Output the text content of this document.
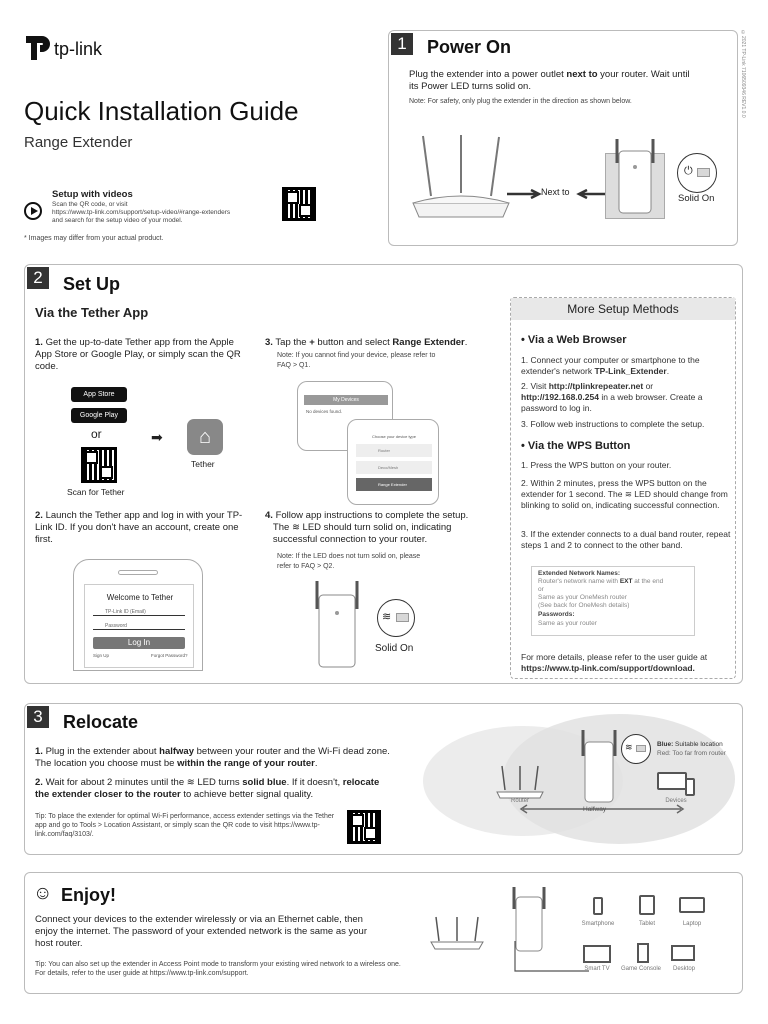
tp-link
Quick Installation Guide
Range Extender
Setup with videos
Scan the QR code, or visit
https://www.tp-link.com/support/setup-video/#range-extenders
and search for the setup video of your model.
* Images may differ from your actual product.
©2021 TP-Link 7106509346 REV1.0.0
1	Power On
Plug the extender into a power outlet next to your router. Wait until
its Power LED turns solid on.
Note: For safety, only plug the extender in the direction as shown below.
Next to
⏻
Solid On
2	Set Up
Via the Tether App
1. Get the up-to-date Tether app from the Apple App Store or Google Play, or simply scan the QR code.
App Store
Google Play
or
Scan for Tether
➡	⌂
Tether
2. Launch the Tether app and log in with your TP-Link ID. If you don't have an account, create one first.
Welcome to Tether
TP-Link ID (Email)
Password
Log In
Sign Up	Forgot Password?
3. Tap the + button and select Range Extender.
Note: If you cannot find your device, please refer to
FAQ > Q1.
My Devices
No devices found.
Choose your device type
Router
Deco/Mesh
Range Extender
4. Follow app instructions to complete the setup.
The ≋ LED should turn solid on, indicating
successful connection to your router.
Note: If the LED does not turn solid on, please
refer to FAQ > Q2.
≋
Solid On
More Setup Methods
• Via a Web Browser
1. Connect your computer or smartphone to the extender's network TP-Link_Extender.
2. Visit http://tplinkrepeater.net or http://192.168.0.254 in a web browser. Create a password to log in.
3. Follow web instructions to complete the setup.
• Via the WPS Button
1. Press the WPS button on your router.
2. Within 2 minutes, press the WPS button on the extender for 1 second. The ≋ LED should change from blinking to solid on, indicating successful connection.
3. If the extender connects to a dual band router, repeat steps 1 and 2 to connect to the other band.
Extended Network Names:
Router's network name with EXT at the end
or
Same as your OneMesh router
(See back for OneMesh details)
Passwords:
Same as your router
For more details, please refer to the user guide at
https://www.tp-link.com/support/download.
3	Relocate
1. Plug in the extender about halfway between your router and the Wi-Fi dead zone. The location you choose must be within the range of your router.
2. Wait for about 2 minutes until the ≋ LED turns solid blue. If it doesn't, relocate the extender closer to the router to achieve better signal quality.
Tip: To place the extender for optimal Wi-Fi performance, access extender settings via the Tether app and go to Tools > Location Assistant, or simply scan the QR code to visit https://www.tp-link.com/faq/3103/.
Router
≋	Blue: Suitable location
Red: Too far from router
Devices
Halfway
☺ Enjoy!
Connect your devices to the extender wirelessly or via an Ethernet cable, then enjoy the internet. The password of your extended network is the same as your host router.
Tip: You can also set up the extender in Access Point mode to transform your existing wired network to a wireless one. For details, refer to the user guide at https://www.tp-link.com/support.
Smartphone	Tablet	Laptop
Smart TV	Game Console	Desktop
